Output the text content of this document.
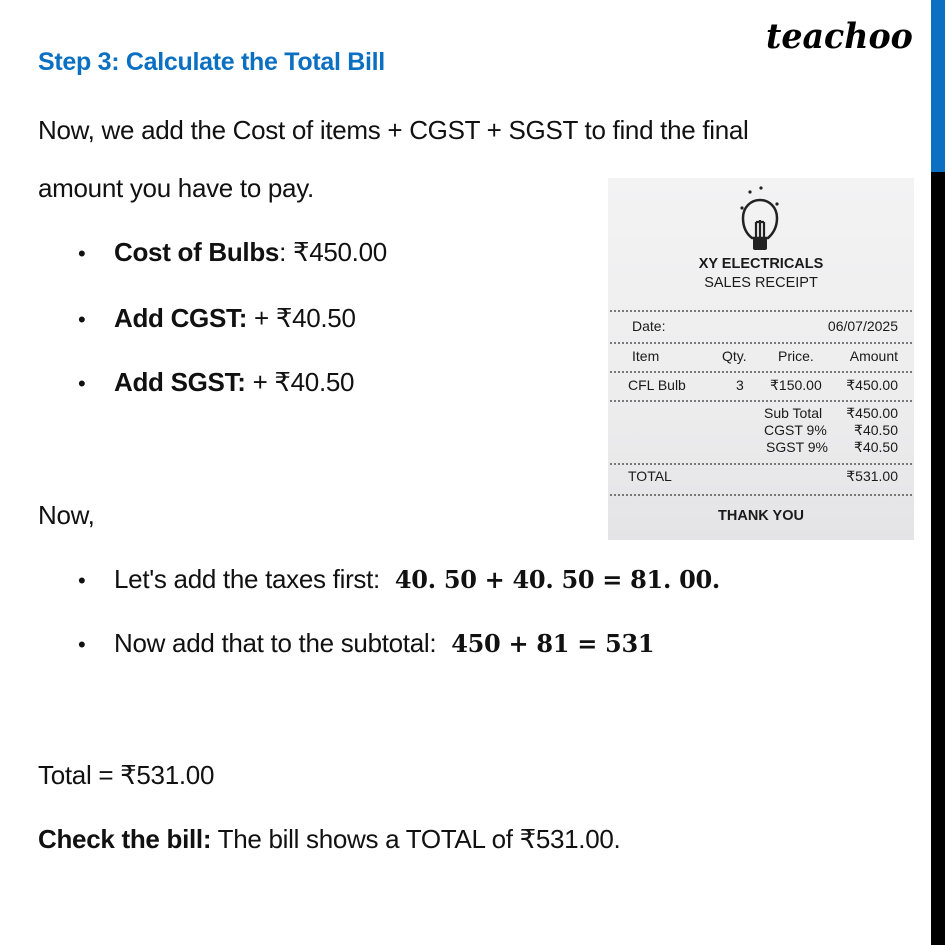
teachoo
Step 3: Calculate the Total Bill
Now, we add the Cost of items + CGST + SGST to find the final
amount you have to pay.
•	Cost of Bulbs : ₹450.00
•	Add CGST:
+ ₹40.50
•	Add SGST:
+ ₹40.50
Now,
•	Let's add the taxes first: 40. 50 + 40. 50 = 81. 00.
•	Now add that to the subtotal: 450 + 81 = 531
Total = ₹531.00
Check the bill: The bill shows a TOTAL of ₹531.00.
XY ELECTRICALS
SALES RECEIPT
Date:	06/07/2025
Item	Qty. Price.	Amount
CFL Bulb	3 ₹150.00 ₹450.00
Sub Total ₹450.00
CGST 9% ₹40.50
SGST 9% ₹40.50
TOTAL	₹531.00
THANK YOU
